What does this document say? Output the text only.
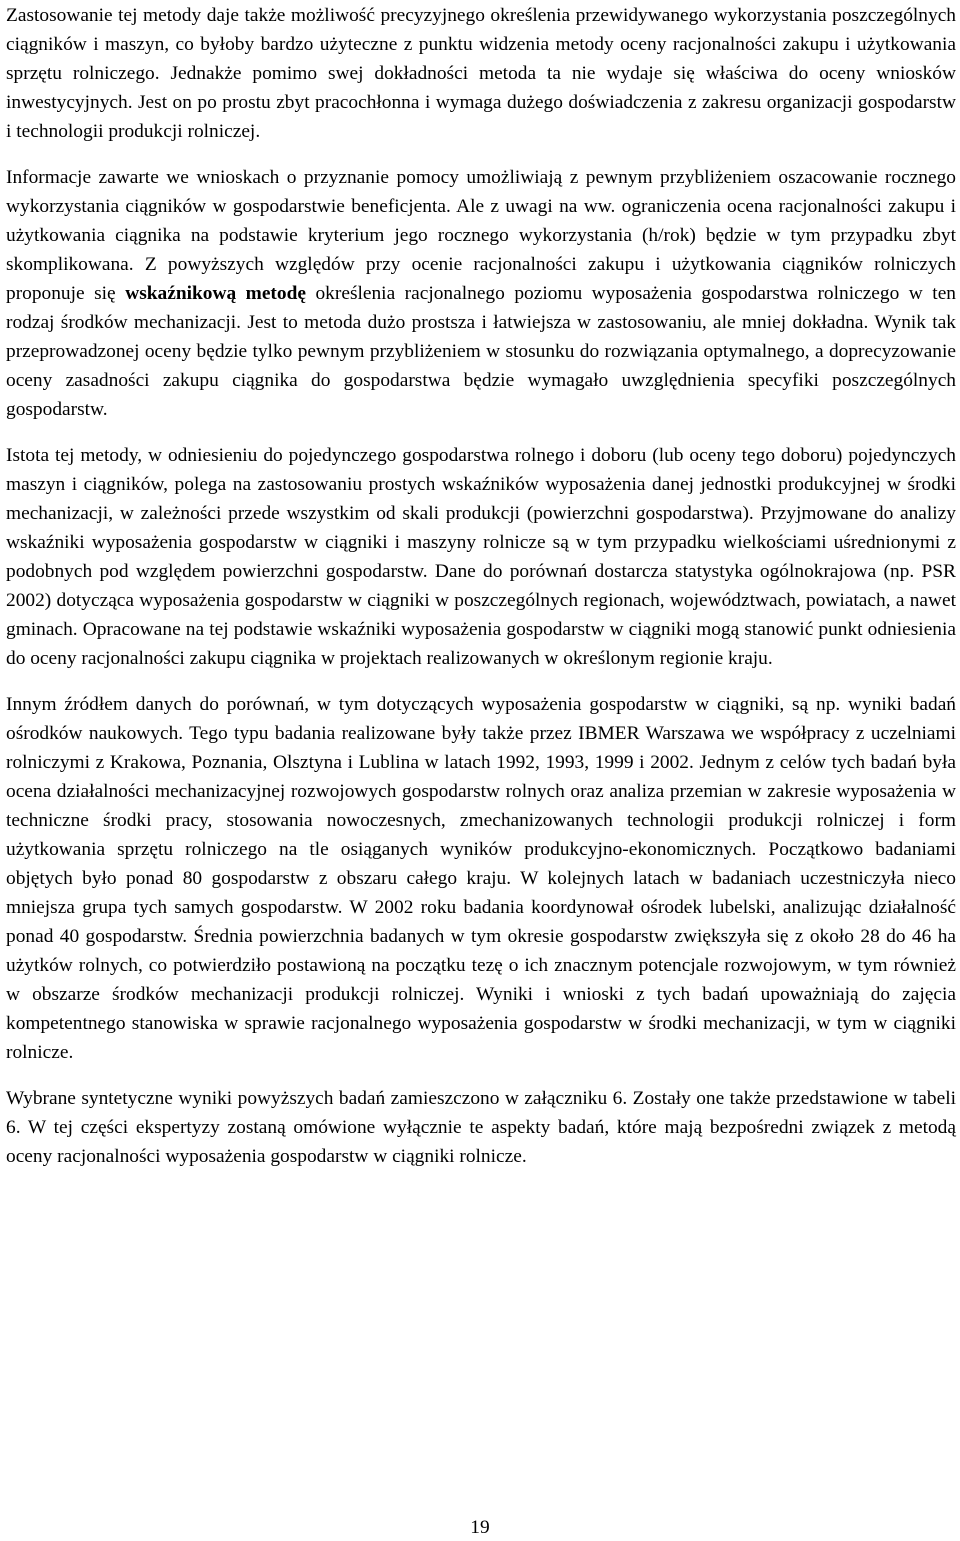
Zastosowanie tej metody daje także możliwość precyzyjnego określenia przewidywanego wykorzystania poszczególnych ciągników i maszyn, co byłoby bardzo użyteczne z punktu widzenia metody oceny racjonalności zakupu i użytkowania sprzętu rolniczego. Jednakże pomimo swej dokładności metoda ta nie wydaje się właściwa do oceny wniosków inwestycyjnych. Jest on po prostu zbyt pracochłonna i wymaga dużego doświadczenia z zakresu organizacji gospodarstw i technologii produkcji rolniczej.

Informacje zawarte we wnioskach o przyznanie pomocy umożliwiają z pewnym przybliżeniem oszacowanie rocznego wykorzystania ciągników w gospodarstwie beneficjenta. Ale z uwagi na ww. ograniczenia ocena racjonalności zakupu i użytkowania ciągnika na podstawie kryterium jego rocznego wykorzystania (h/rok) będzie w tym przypadku zbyt skomplikowana. Z powyższych względów przy ocenie racjonalności zakupu i użytkowania ciągników rolniczych proponuje się wskaźnikową metodę określenia racjonalnego poziomu wyposażenia gospodarstwa rolniczego w ten rodzaj środków mechanizacji. Jest to metoda dużo prostsza i łatwiejsza w zastosowaniu, ale mniej dokładna. Wynik tak przeprowadzonej oceny będzie tylko pewnym przybliżeniem w stosunku do rozwiązania optymalnego, a doprecyzowanie oceny zasadności zakupu ciągnika do gospodarstwa będzie wymagało uwzględnienia specyfiki poszczególnych gospodarstw.

Istota tej metody, w odniesieniu do pojedynczego gospodarstwa rolnego i doboru (lub oceny tego doboru) pojedynczych maszyn i ciągników, polega na zastosowaniu prostych wskaźników wyposażenia danej jednostki produkcyjnej w środki mechanizacji, w zależności przede wszystkim od skali produkcji (powierzchni gospodarstwa). Przyjmowane do analizy wskaźniki wyposażenia gospodarstw w ciągniki i maszyny rolnicze są w tym przypadku wielkościami uśrednionymi z podobnych pod względem powierzchni gospodarstw. Dane do porównań dostarcza statystyka ogólnokrajowa (np. PSR 2002) dotycząca wyposażenia gospodarstw w ciągniki w poszczególnych regionach, województwach, powiatach, a nawet gminach. Opracowane na tej podstawie wskaźniki wyposażenia gospodarstw w ciągniki mogą stanowić punkt odniesienia do oceny racjonalności zakupu ciągnika w projektach realizowanych w określonym regionie kraju.

Innym źródłem danych do porównań, w tym dotyczących wyposażenia gospodarstw w ciągniki, są np. wyniki badań ośrodków naukowych. Tego typu badania realizowane były także przez IBMER Warszawa we współpracy z uczelniami rolniczymi z Krakowa, Poznania, Olsztyna i Lublina w latach 1992, 1993, 1999 i 2002. Jednym z celów tych badań była ocena działalności mechanizacyjnej rozwojowych gospodarstw rolnych oraz analiza przemian w zakresie wyposażenia w techniczne środki pracy, stosowania nowoczesnych, zmechanizowanych technologii produkcji rolniczej i form użytkowania sprzętu rolniczego na tle osiąganych wyników produkcyjno-ekonomicznych. Początkowo badaniami objętych było ponad 80 gospodarstw z obszaru całego kraju. W kolejnych latach w badaniach uczestniczyła nieco mniejsza grupa tych samych gospodarstw. W 2002 roku badania koordynował ośrodek lubelski, analizując działalność ponad 40 gospodarstw. Średnia powierzchnia badanych w tym okresie gospodarstw zwiększyła się z około 28 do 46 ha użytków rolnych, co potwierdziło postawioną na początku tezę o ich znacznym potencjale rozwojowym, w tym również w obszarze środków mechanizacji produkcji rolniczej. Wyniki i wnioski z tych badań upoważniają do zajęcia kompetentnego stanowiska w sprawie racjonalnego wyposażenia gospodarstw w środki mechanizacji, w tym w ciągniki rolnicze.

Wybrane syntetyczne wyniki powyższych badań zamieszczono w załączniku 6. Zostały one także przedstawione w tabeli 6. W tej części ekspertyzy zostaną omówione wyłącznie te aspekty badań, które mają bezpośredni związek z metodą oceny racjonalności wyposażenia gospodarstw w ciągniki rolnicze.

19
